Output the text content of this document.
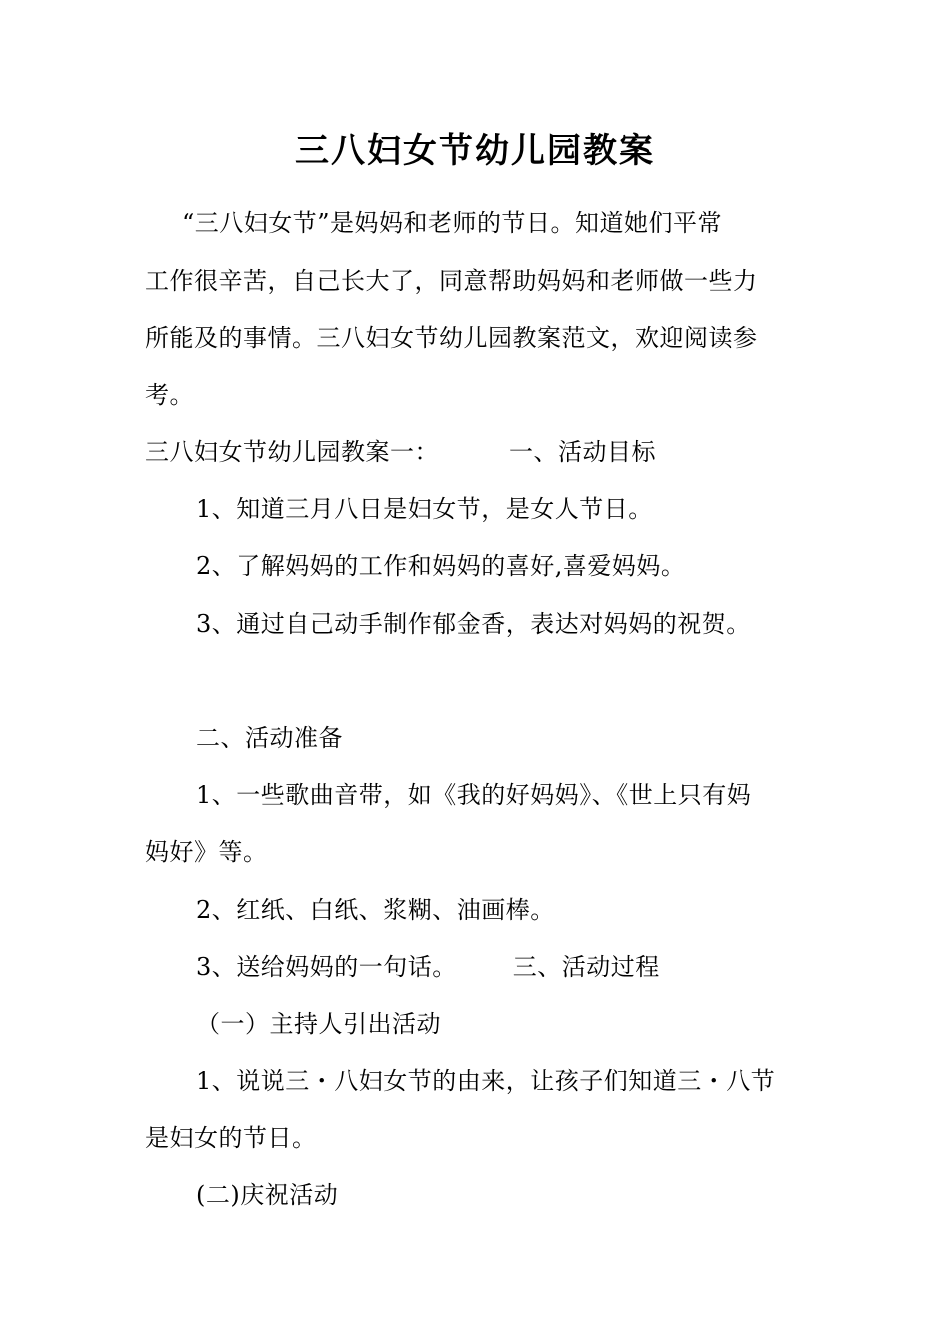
三八妇女节幼儿园教案
“三八妇女节”是妈妈和老师的节日。知道她们平常
工作很辛苦，自己长大了，同意帮助妈妈和老师做一些力
所能及的事情。三八妇女节幼儿园教案范文，欢迎阅读参
考。
三八妇女节幼儿园教案一：	一、活动目标
1、知道三月八日是妇女节，是女人节日。
2、了解妈妈的工作和妈妈的喜好,喜爱妈妈。
3、通过自己动手制作郁金香，表达对妈妈的祝贺。
二、活动准备
1、一些歌曲音带，如《我的好妈妈》、《世上只有妈
妈好》等。
2、红纸、白纸、浆糊、油画棒。
3、送给妈妈的一句话。 三、活动过程
（一）主持人引出活动
1、说说三・八妇女节的由来，让孩子们知道三・八节
是妇女的节日。
(二)庆祝活动
